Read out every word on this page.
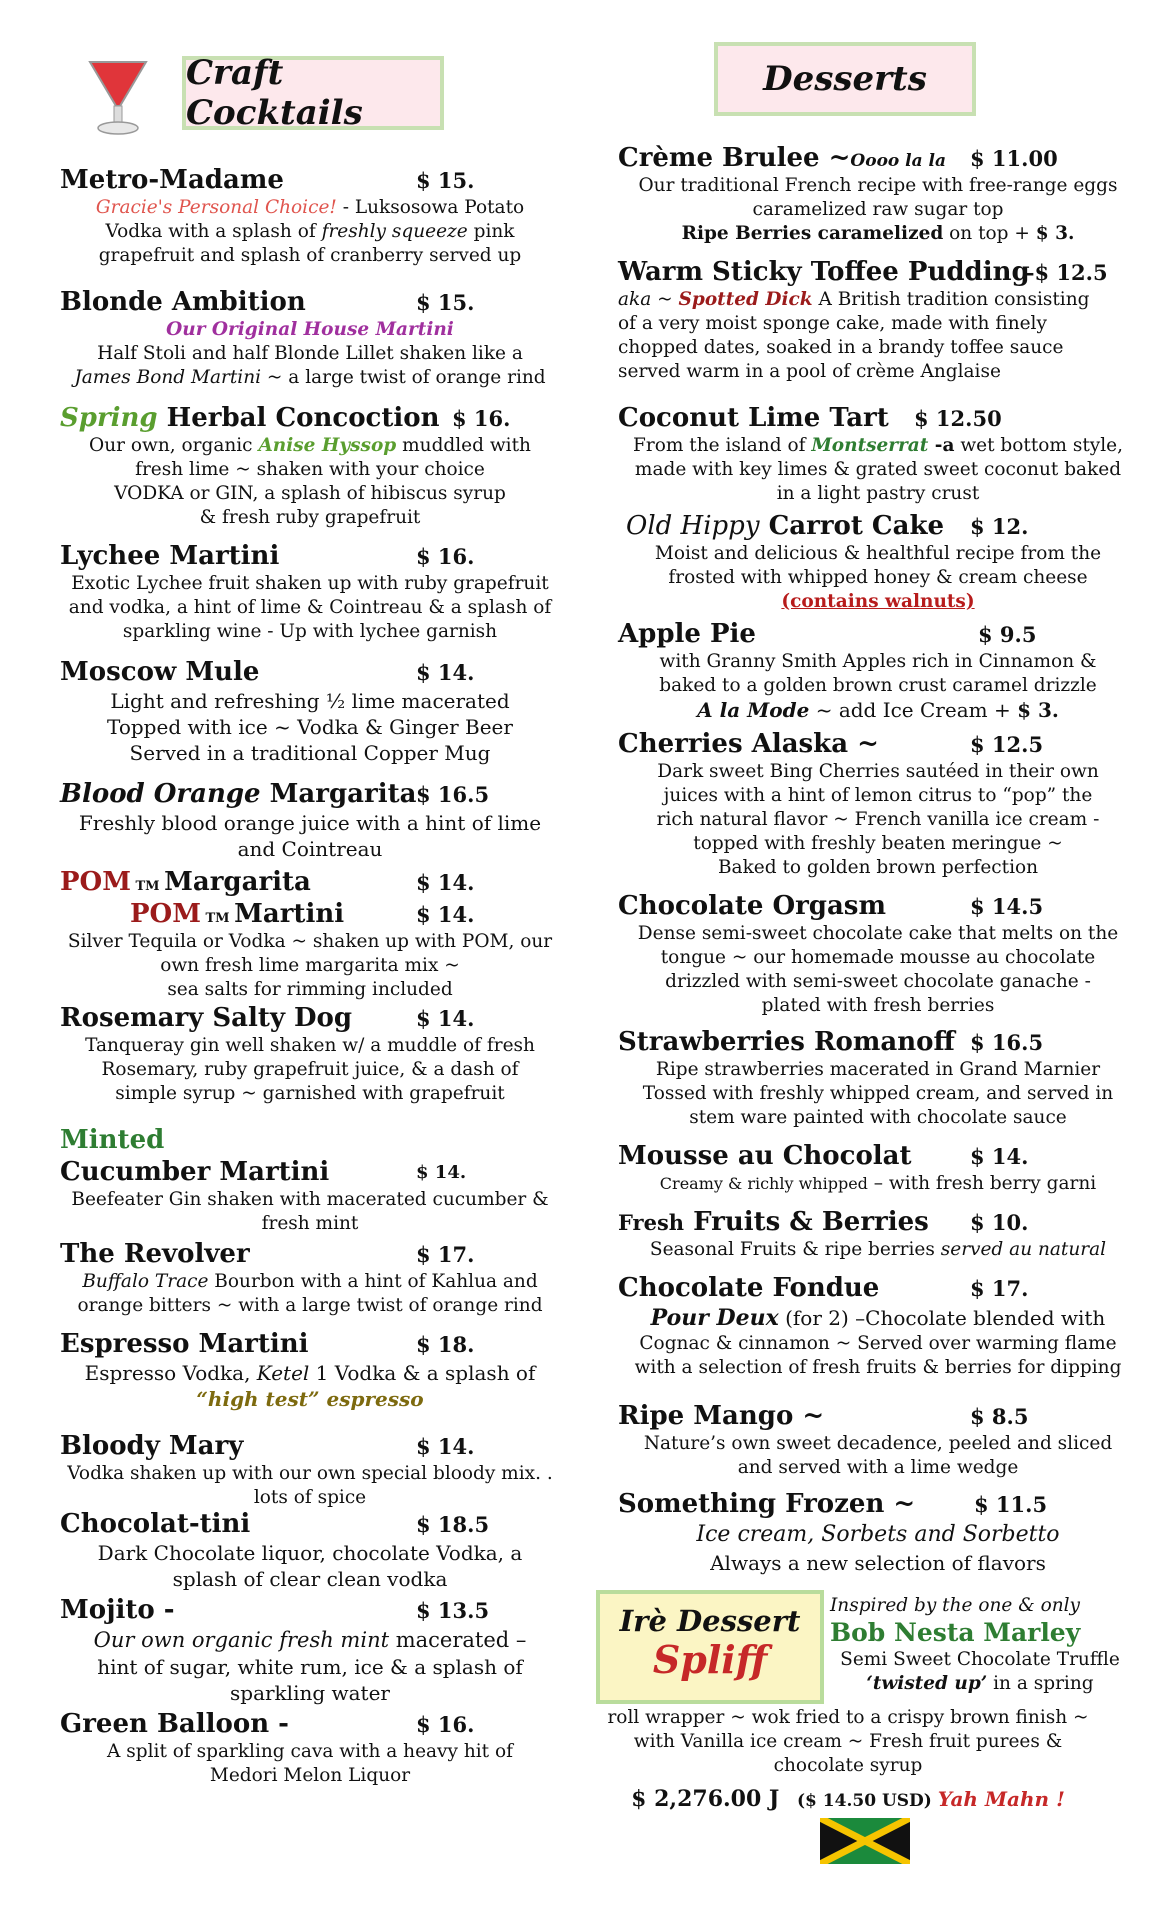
Craft Cocktails
Metro-Madame	$ 15.
Gracie's Personal Choice! - Luksosowa Potato
Vodka with a splash of freshly squeeze pink
grapefruit and splash of cranberry served up
Blonde Ambition	$ 15.
Our Original House Martini
Half Stoli and half Blonde Lillet shaken like a
James Bond Martini ~ a large twist of orange rind
Spring Herbal Concoction $ 16.
Our own, organic Anise Hyssop muddled with
fresh lime ~ shaken with your choice
VODKA or GIN, a splash of hibiscus syrup
& fresh ruby grapefruit
Lychee Martini	$ 16.
Exotic Lychee fruit shaken up with ruby grapefruit
and vodka, a hint of lime & Cointreau & a splash of
sparkling wine - Up with lychee garnish
Moscow Mule	$ 14.
Light and refreshing ½ lime macerated
Topped with ice ~ Vodka & Ginger Beer
Served in a traditional Copper Mug
Blood Orange Margarita $ 16.5
Freshly blood orange juice with a hint of lime
and Cointreau
POM TM Margarita	$ 14.
POM TM Martini	$ 14.
Silver Tequila or Vodka ~ shaken up with POM, our
own fresh lime margarita mix ~
sea salts for rimming included
Rosemary Salty Dog	$ 14.
Tanqueray gin well shaken w/ a muddle of fresh
Rosemary, ruby grapefruit juice, & a dash of
simple syrup ~ garnished with grapefruit
Minted
Cucumber Martini	$ 14.
Beefeater Gin shaken with macerated cucumber &
fresh mint
The Revolver	$ 17.
Buffalo Trace Bourbon with a hint of Kahlua and
orange bitters ~ with a large twist of orange rind
Espresso Martini	$ 18.
Espresso Vodka, Ketel 1 Vodka & a splash of
“high test” espresso
Bloody Mary	$ 14.
Vodka shaken up with our own special bloody mix. .
lots of spice
Chocolat-tini	$ 18.5
Dark Chocolate liquor, chocolate Vodka, a
splash of clear clean vodka
Mojito -	$ 13.5
Our own organic fresh mint macerated –
hint of sugar, white rum, ice & a splash of
sparkling water
Green Balloon -	$ 16.
A split of sparkling cava with a heavy hit of
Medori Melon Liquor
Desserts
Crème Brulee ~Oooo la la $ 11.00
Our traditional French recipe with free-range eggs
caramelized raw sugar top
Ripe Berries caramelized on top + $ 3.
Warm Sticky Toffee Pudding
–$ 12.5
aka ~ Spotted Dick A British tradition consisting
of a very moist sponge cake, made with finely
chopped dates, soaked in a brandy toffee sauce
served warm in a pool of crème Anglaise
Coconut Lime Tart $ 12.50
From the island of Montserrat -a wet bottom style,
made with key limes & grated sweet coconut baked
in a light pastry crust
Old Hippy Carrot Cake $ 12.
Moist and delicious & healthful recipe from the
frosted with whipped honey & cream cheese
(contains walnuts)
Apple Pie	$ 9.5
with Granny Smith Apples rich in Cinnamon &
baked to a golden brown crust caramel drizzle
A la Mode ~ add Ice Cream + $ 3.
Cherries Alaska ~	$ 12.5
Dark sweet Bing Cherries sautéed in their own
juices with a hint of lemon citrus to “pop” the
rich natural flavor ~ French vanilla ice cream -
topped with freshly beaten meringue ~
Baked to golden brown perfection
Chocolate Orgasm	$ 14.5
Dense semi-sweet chocolate cake that melts on the
tongue ~ our homemade mousse au chocolate
drizzled with semi-sweet chocolate ganache -
plated with fresh berries
Strawberries Romanoff $ 16.5
Ripe strawberries macerated in Grand Marnier
Tossed with freshly whipped cream, and served in
stem ware painted with chocolate sauce
Mousse au Chocolat	$ 14.
Creamy & richly whipped – with fresh berry garni
Fresh Fruits & Berries $ 10.
Seasonal Fruits & ripe berries served au natural
Chocolate Fondue	$ 17.
Pour Deux (for 2) –Chocolate blended with
Cognac & cinnamon ~ Served over warming flame
with a selection of fresh fruits & berries for dipping
Ripe Mango ~	$ 8.5
Nature’s own sweet decadence, peeled and sliced
and served with a lime wedge
Something Frozen ~	$ 11.5
Ice cream, Sorbets and Sorbetto
Always a new selection of flavors
Irè Dessert
Spliff
Inspired by the one & only
Bob Nesta Marley
Semi Sweet Chocolate Truffle
‘twisted up’ in a spring
roll wrapper ~ wok fried to a crispy brown finish ~
with Vanilla ice cream ~ Fresh fruit purees &
chocolate syrup
$ 2,276.00 J ($ 14.50 USD) Yah Mahn !
